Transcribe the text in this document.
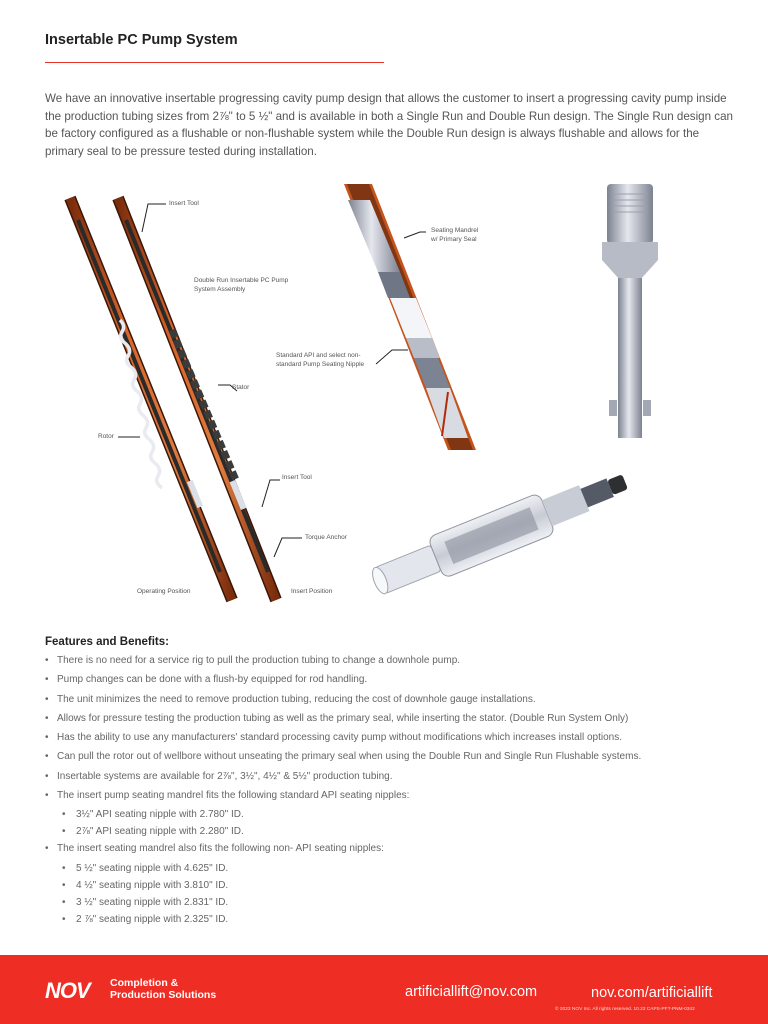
Insertable PC Pump System

We have an innovative insertable progressing cavity pump design that allows the customer to insert a progressing cavity pump inside the production tubing sizes from 2⅞" to 5 ½" and is available in both a Single Run and Double Run design. The Single Run design can be factory configured as a flushable or non-flushable system while the Double Run design is always flushable and allows for the primary seal to be pressure tested during installation.

Insert Tool
Double Run Insertable PC Pump
System Assembly
Stator
Rotor
Insert Tool
Torque Anchor
Operating Position	Insert Position
Seating Mandrel
w/ Primary Seal
Standard API and select non-
standard Pump Seating Nipple
Features and Benefits:
• There is no need for a service rig to pull the production tubing to change a downhole pump.
• Pump changes can be done with a flush-by equipped for rod handling.
• The unit minimizes the need to remove production tubing, reducing the cost of downhole gauge installations.
• Allows for pressure testing the production tubing as well as the primary seal, while inserting the stator. (Double Run System Only)
• Has the ability to use any manufacturers' standard processing cavity pump without modifications which increases install options.
• Can pull the rotor out of wellbore without unseating the primary seal when using the Double Run and Single Run Flushable systems.
• Insertable systems are available for 2⅞", 3½", 4½" & 5½" production tubing.
• The insert pump seating mandrel fits the following standard API seating nipples:
• 3½" API seating nipple with 2.780" ID.
• 2⅞" API seating nipple with 2.280" ID.
• The insert seating mandrel also fits the following non- API seating nipples:
• 5 ½" seating nipple with 4.625" ID.
• 4 ½" seating nipple with 3.810" ID.
• 3 ½" seating nipple with 2.831" ID.
• 2 ⅞" seating nipple with 2.325" ID.
NOV	Completion &
Production Solutions	artificiallift@nov.com	nov.com/artificiallift
© 2023 NOV Inc. All rights reserved. 10.23 CAPS-PFT-PNM-0342
